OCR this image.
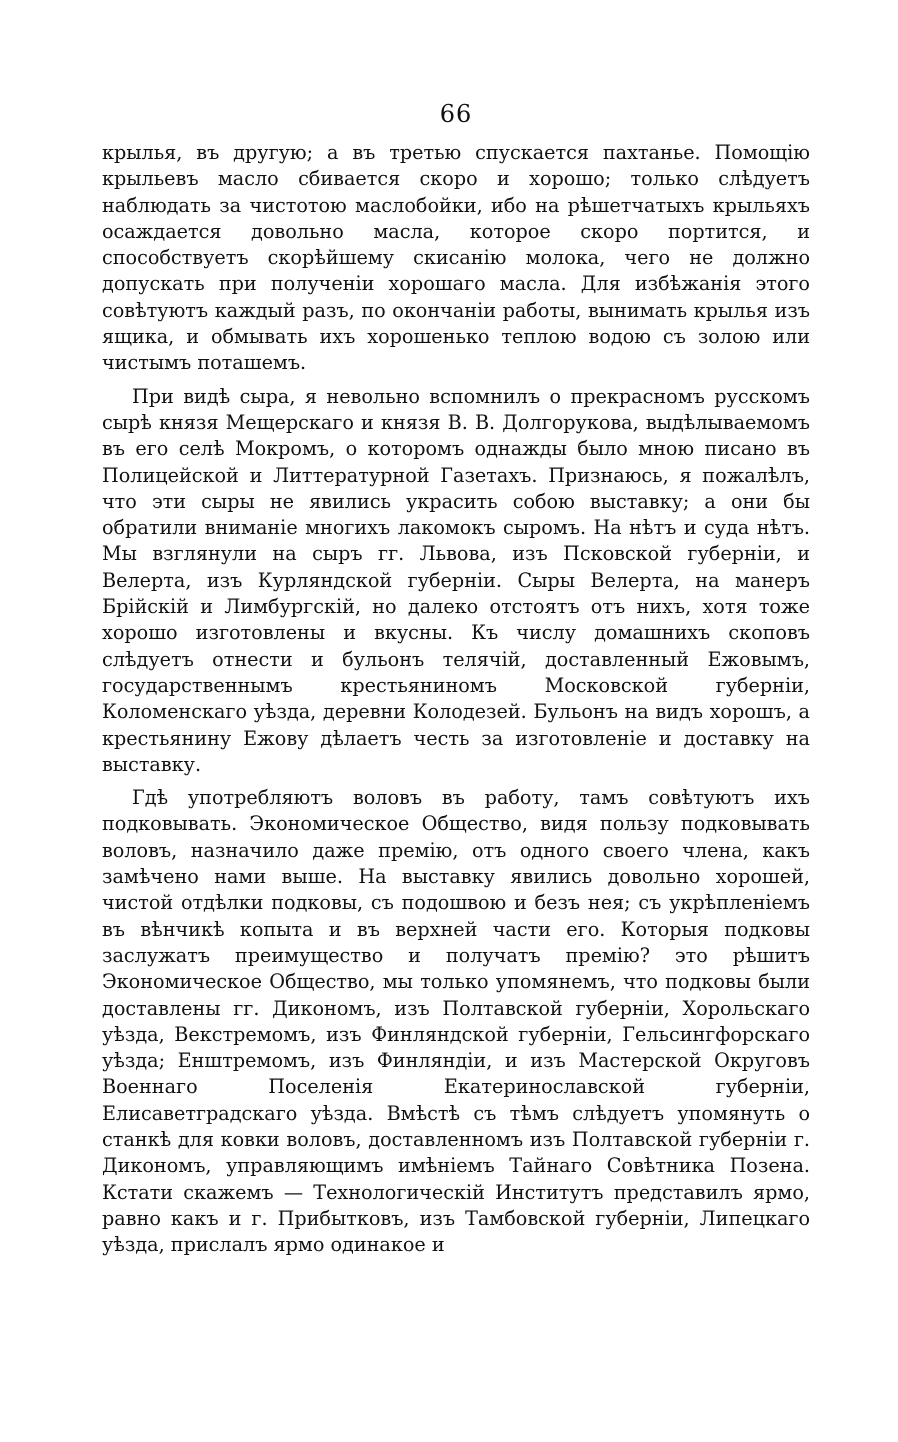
66

крылья, въ другую; а въ третью спускается пахтанье. Помощію крыльевъ масло сбивается скоро и хорошо; только слѣдуетъ наблюдать за чистотою маслобойки, ибо на рѣшетчатыхъ крыльяхъ осаждается довольно масла, которое скоро портится, и способствуетъ скорѣйшему скисанію молока, чего не должно допускать при полученіи хорошаго масла. Для избѣжанія этого совѣтуютъ каждый разъ, по окончаніи работы, вынимать крылья изъ ящика, и обмывать ихъ хорошенько теплою водою съ золою или чистымъ поташемъ.

При видѣ сыра, я невольно вспомнилъ о прекрасномъ русскомъ сырѣ князя Мещерскаго и князя В. В. Долгорукова, выдѣлываемомъ въ его селѣ Мокромъ, о которомъ однажды было мною писано въ Полицейской и Литтературной Газетахъ. Признаюсь, я пожалѣлъ, что эти сыры не явились украсить собою выставку; а они бы обратили вниманіе многихъ лакомокъ сыромъ. На нѣтъ и суда нѣтъ. Мы взглянули на сыръ гг. Львова, изъ Псковской губерніи, и Велерта, изъ Курляндской губерніи. Сыры Велерта, на манеръ Брійскій и Лимбургскій, но далеко отстоятъ отъ нихъ, хотя тоже хорошо изготовлены и вкусны. Къ числу домашнихъ скоповъ слѣдуетъ отнести и бульонъ телячій, доставленный Ежовымъ, государственнымъ крестьяниномъ Московской губерніи, Коломенскаго уѣзда, деревни Колодезей. Бульонъ на видъ хорошъ, а крестьянину Ежову дѣлаетъ честь за изготовленіе и доставку на выставку.

Гдѣ употребляютъ воловъ въ работу, тамъ совѣтуютъ ихъ подковывать. Экономическое Общество, видя пользу подковывать воловъ, назначило даже премію, отъ одного своего члена, какъ замѣчено нами выше. На выставку явились довольно хорошей, чистой отдѣлки подковы, съ подошвою и безъ нея; съ укрѣпленіемъ въ вѣнчикѣ копыта и въ верхней части его. Которыя подковы заслужатъ преимущество и получатъ премію? это рѣшитъ Экономическое Общество, мы только упомянемъ, что подковы были доставлены гг. Дикономъ, изъ Полтавской губерніи, Хорольскаго уѣзда, Векстремомъ, изъ Финляндской губерніи, Гельсингфорскаго уѣзда; Енштремомъ, изъ Финляндіи, и изъ Мастерской Округовъ Военнаго Поселенія Екатеринославской губерніи, Елисаветградскаго уѣзда. Вмѣстѣ съ тѣмъ слѣдуетъ упомянуть о станкѣ для ковки воловъ, доставленномъ изъ Полтавской губерніи г. Дикономъ, управляющимъ имѣніемъ Тайнаго Совѣтника Позена. Кстати скажемъ — Технологическій Институтъ представилъ ярмо, равно какъ и г. Прибытковъ, изъ Тамбовской губерніи, Липецкаго уѣзда, прислалъ ярмо одинакое и
